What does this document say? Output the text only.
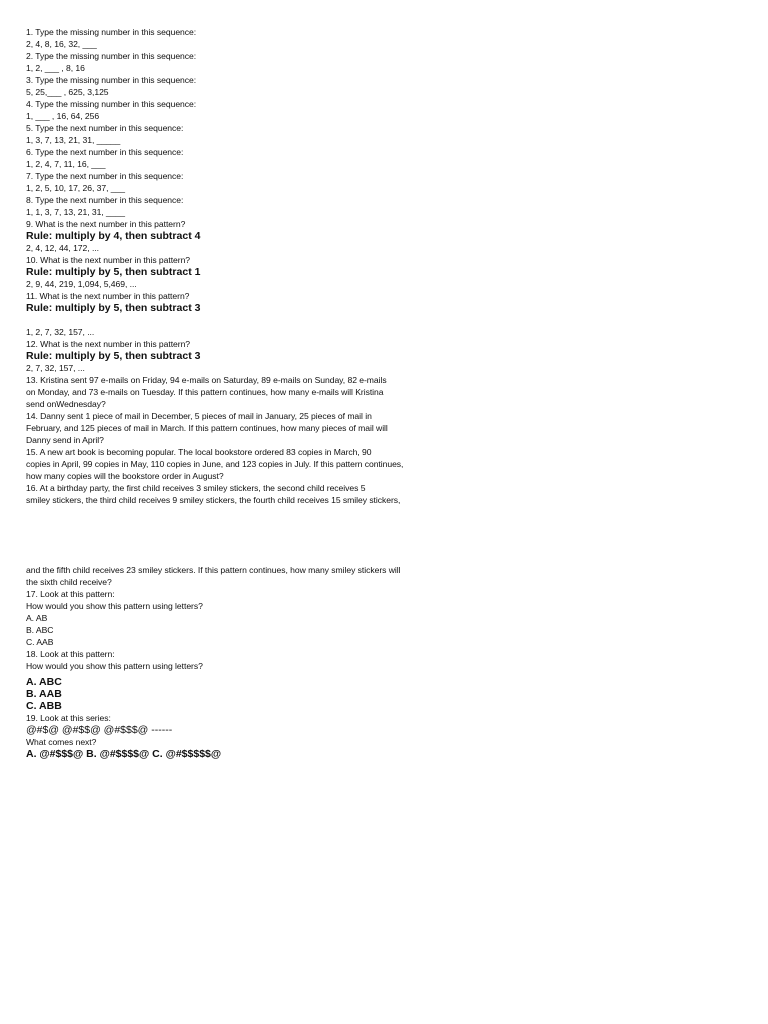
1. Type the missing number in this sequence:

2, 4, 8, 16, 32, ___

2. Type the missing number in this sequence:

1, 2, ___ , 8, 16

3. Type the missing number in this sequence:

5, 25,___ , 625, 3,125

4. Type the missing number in this sequence:

1, ___ , 16, 64, 256

5. Type the next number in this sequence:

1, 3, 7, 13, 21, 31, _____

6. Type the next number in this sequence:

1, 2, 4, 7, 11, 16, ___

7. Type the next number in this sequence:

1, 2, 5, 10, 17, 26, 37, ___

8. Type the next number in this sequence:

1, 1, 3, 7, 13, 21, 31, ____

9. What is the next number in this pattern?

Rule: multiply by 4, then subtract 4

2, 4, 12, 44, 172, ...

10. What is the next number in this pattern?

Rule: multiply by 5, then subtract 1

2, 9, 44, 219, 1,094, 5,469, ...

11. What is the next number in this pattern?

Rule: multiply by 5, then subtract 3

1, 2, 7, 32, 157, ...

12. What is the next number in this pattern?

Rule: multiply by 5, then subtract 3

2, 7, 32, 157, ...

13. Kristina sent 97 e-mails on Friday, 94 e-mails on Saturday, 89 e-mails on Sunday, 82 e-mails

on Monday, and 73 e-mails on Tuesday. If this pattern continues, how many e-mails will Kristina

send onWednesday?

14. Danny sent 1 piece of mail in December, 5 pieces of mail in January, 25 pieces of mail in

February, and 125 pieces of mail in March. If this pattern continues, how many pieces of mail will

Danny send in April?

15. A new art book is becoming popular. The local bookstore ordered 83 copies in March, 90

copies in April, 99 copies in May, 110 copies in June, and 123 copies in July. If this pattern continues,

how many copies will the bookstore order in August?

16. At a birthday party, the first child receives 3 smiley stickers, the second child receives 5

smiley stickers, the third child receives 9 smiley stickers, the fourth child receives 15 smiley stickers,

and the fifth child receives 23 smiley stickers. If this pattern continues, how many smiley stickers will

the sixth child receive?

17. Look at this pattern:

How would you show this pattern using letters?

A. AB

B. ABC

C. AAB

18. Look at this pattern:

How would you show this pattern using letters?

A. ABC
B. AAB
C. ABB

19. Look at this series:

@#$@ @#$$@ @#$$$@ ------

What comes next?

A. @#$$$@ B. @#$$$$@ C. @#$$$$$@
